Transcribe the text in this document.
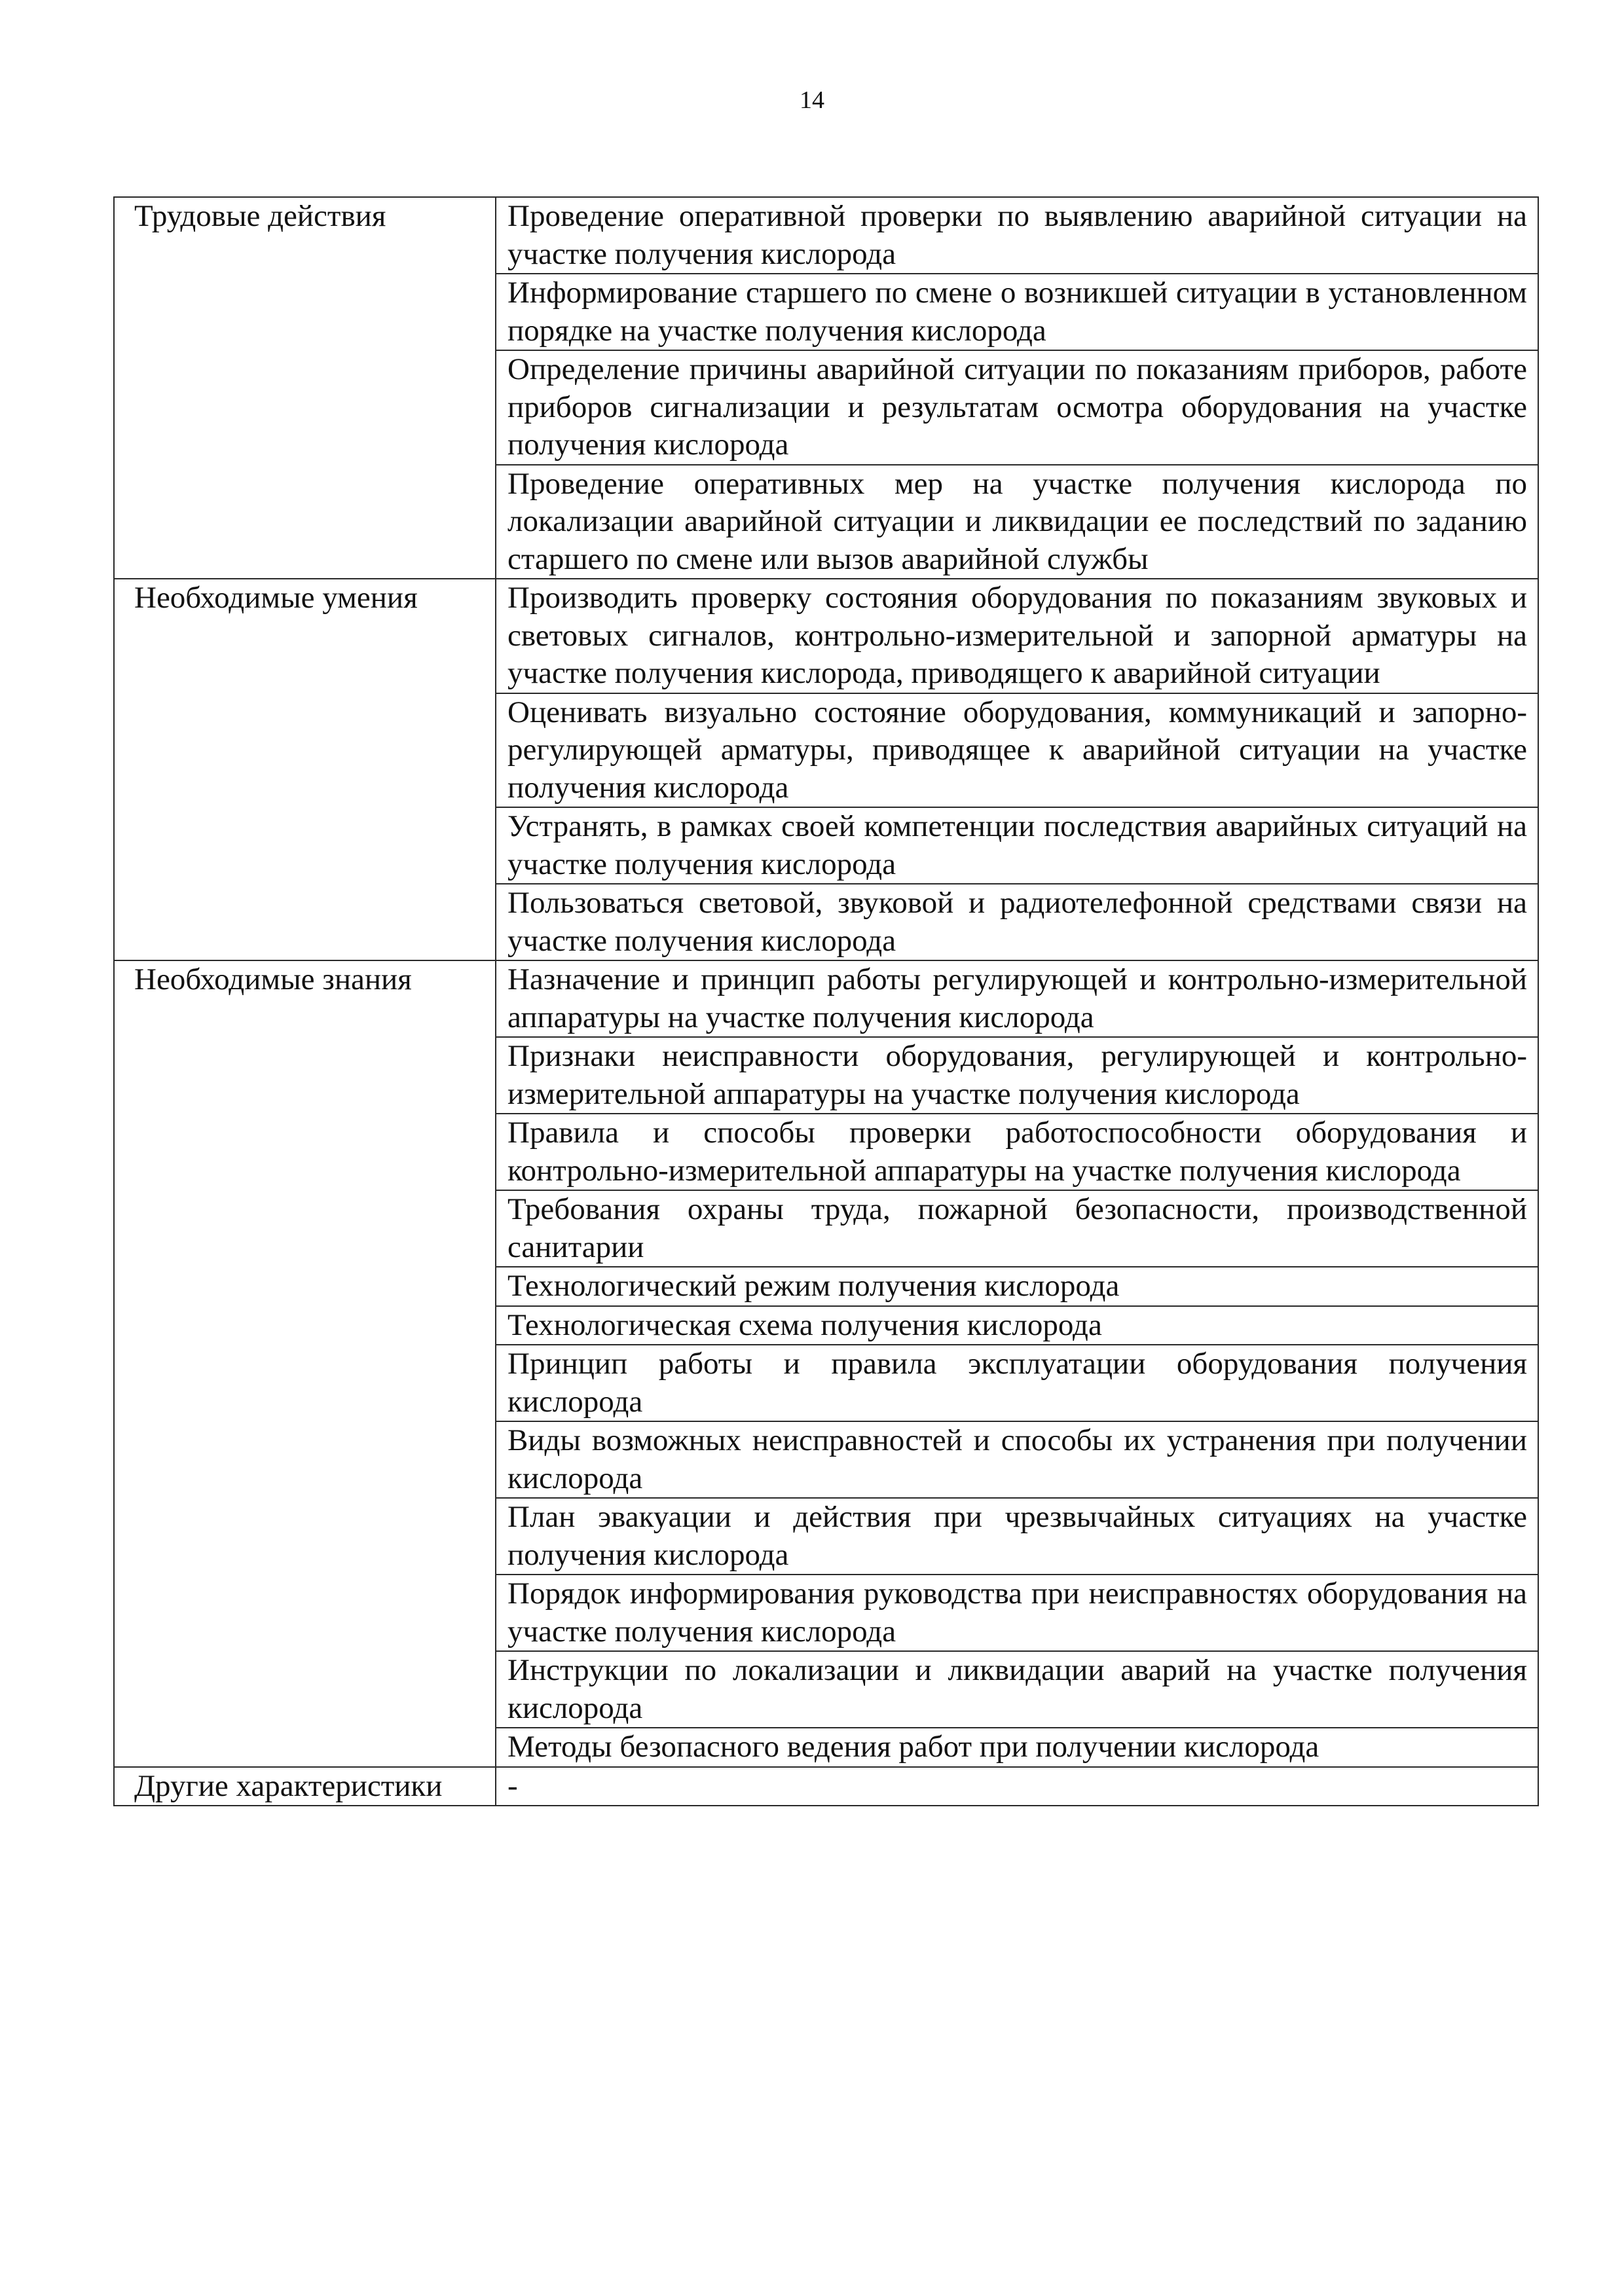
14
Трудовые действия	Проведение оперативной проверки по выявлению аварийной ситуации на участке получения кислорода
	Информирование старшего по смене о возникшей ситуации в установленном порядке на участке получения кислорода
	Определение причины аварийной ситуации по показаниям приборов, работе приборов сигнализации и результатам осмотра оборудования на участке получения кислорода
	Проведение оперативных мер на участке получения кислорода по локализации аварийной ситуации и ликвидации ее последствий по заданию старшего по смене или вызов аварийной службы
Необходимые умения	Производить проверку состояния оборудования по показаниям звуковых и световых сигналов, контрольно-измерительной и запорной арматуры на участке получения кислорода, приводящего к аварийной ситуации
	Оценивать визуально состояние оборудования, коммуникаций и запорно-регулирующей арматуры, приводящее к аварийной ситуации на участке получения кислорода
	Устранять, в рамках своей компетенции последствия аварийных ситуаций на участке получения кислорода
	Пользоваться световой, звуковой и радиотелефонной средствами связи на участке получения кислорода
Необходимые знания	Назначение и принцип работы регулирующей и контрольно-измерительной аппаратуры на участке получения кислорода
	Признаки неисправности оборудования, регулирующей и контрольно-измерительной аппаратуры на участке получения кислорода
	Правила и способы проверки работоспособности оборудования и контрольно-измерительной аппаратуры на участке получения кислорода
	Требования охраны труда, пожарной безопасности, производственной санитарии
	Технологический режим получения кислорода
	Технологическая схема получения кислорода
	Принцип работы и правила эксплуатации оборудования получения кислорода
	Виды возможных неисправностей и способы их устранения при получении кислорода
	План эвакуации и действия при чрезвычайных ситуациях на участке получения кислорода
	Порядок информирования руководства при неисправностях оборудования на участке получения кислорода
	Инструкции по локализации и ликвидации аварий на участке получения кислорода
	Методы безопасного ведения работ при получении кислорода
Другие характеристики	-
